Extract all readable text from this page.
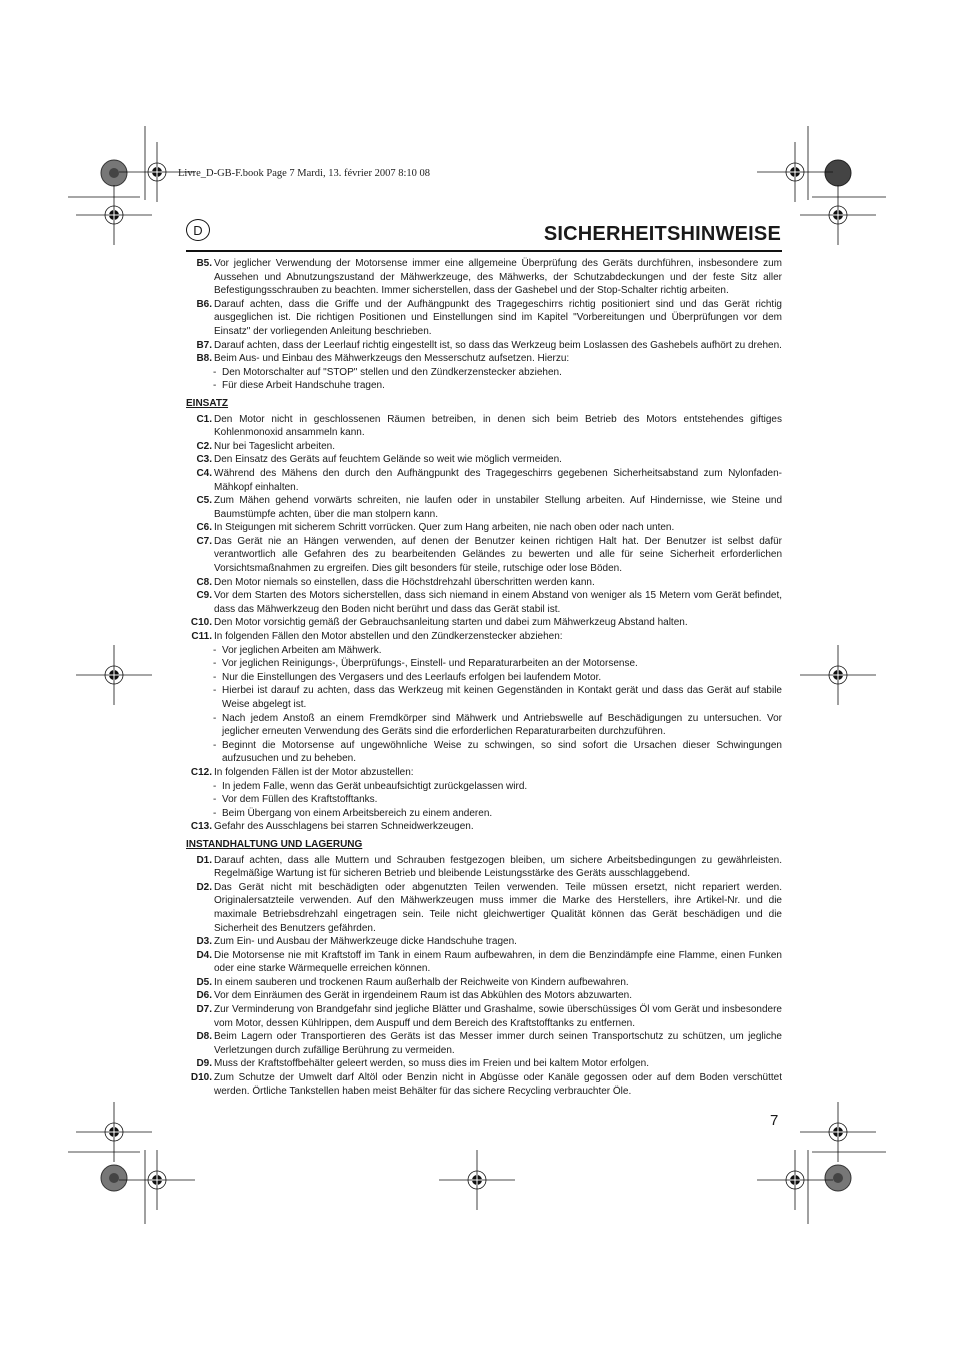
Livre_D-GB-F.book Page 7 Mardi, 13. février 2007 8:10 08
D	SICHERHEITSHINWEISE
B5. Vor jeglicher Verwendung der Motorsense immer eine allgemeine Überprüfung des Geräts durchführen, insbesondere zum Aussehen und Abnutzungszustand der Mähwerkzeuge, des Mähwerks, der Schutzabdeckungen und der feste Sitz aller Befestigungsschrauben zu beachten. Immer sicherstellen, dass der Gashebel und der Stop-Schalter richtig arbeiten.
B6. Darauf achten, dass die Griffe und der Aufhängpunkt des Tragegeschirrs richtig positioniert sind und das Gerät richtig ausgeglichen ist. Die richtigen Positionen und Einstellungen sind im Kapitel "Vorbereitungen und Überprüfungen vor dem Einsatz" der vorliegenden Anleitung beschrieben.
B7. Darauf achten, dass der Leerlauf richtig eingestellt ist, so dass das Werkzeug beim Loslassen des Gashebels aufhört zu drehen.
B8. Beim Aus- und Einbau des Mähwerkzeugs den Messerschutz aufsetzen. Hierzu:
- Den Motorschalter auf "STOP" stellen und den Zündkerzenstecker abziehen.
- Für diese Arbeit Handschuhe tragen.
EINSATZ
C1. Den Motor nicht in geschlossenen Räumen betreiben, in denen sich beim Betrieb des Motors entstehendes giftiges Kohlenmonoxid ansammeln kann.
C2. Nur bei Tageslicht arbeiten.
C3. Den Einsatz des Geräts auf feuchtem Gelände so weit wie möglich vermeiden.
C4. Während des Mähens den durch den Aufhängpunkt des Tragegeschirrs gegebenen Sicherheitsabstand zum Nylonfaden-Mähkopf einhalten.
C5. Zum Mähen gehend vorwärts schreiten, nie laufen oder in unstabiler Stellung arbeiten. Auf Hindernisse, wie Steine und Baumstümpfe achten, über die man stolpern kann.
C6. In Steigungen mit sicherem Schritt vorrücken. Quer zum Hang arbeiten, nie nach oben oder nach unten.
C7. Das Gerät nie an Hängen verwenden, auf denen der Benutzer keinen richtigen Halt hat. Der Benutzer ist selbst dafür verantwortlich alle Gefahren des zu bearbeitenden Geländes zu bewerten und alle für seine Sicherheit erforderlichen Vorsichtsmaßnahmen zu ergreifen. Dies gilt besonders für steile, rutschige oder lose Böden.
C8. Den Motor niemals so einstellen, dass die Höchstdrehzahl überschritten werden kann.
C9. Vor dem Starten des Motors sicherstellen, dass sich niemand in einem Abstand von weniger als 15 Metern vom Gerät befindet, dass das Mähwerkzeug den Boden nicht berührt und dass das Gerät stabil ist.
C10. Den Motor vorsichtig gemäß der Gebrauchsanleitung starten und dabei zum Mähwerkzeug Abstand halten.
C11. In folgenden Fällen den Motor abstellen und den Zündkerzenstecker abziehen:
- Vor jeglichen Arbeiten am Mähwerk.
- Vor jeglichen Reinigungs-, Überprüfungs-, Einstell- und Reparaturarbeiten an der Motorsense.
- Nur die Einstellungen des Vergasers und des Leerlaufs erfolgen bei laufendem Motor.
- Hierbei ist darauf zu achten, dass das Werkzeug mit keinen Gegenständen in Kontakt gerät und dass das Gerät auf stabile Weise abgelegt ist.
- Nach jedem Anstoß an einem Fremdkörper sind Mähwerk und Antriebswelle auf Beschädigungen zu untersuchen. Vor jeglicher erneuten Verwendung des Geräts sind die erforderlichen Reparaturarbeiten durchzuführen.
- Beginnt die Motorsense auf ungewöhnliche Weise zu schwingen, so sind sofort die Ursachen dieser Schwingungen aufzusuchen und zu beheben.
C12. In folgenden Fällen ist der Motor abzustellen:
- In jedem Falle, wenn das Gerät unbeaufsichtigt zurückgelassen wird.
- Vor dem Füllen des Kraftstofftanks.
- Beim Übergang von einem Arbeitsbereich zu einem anderen.
C13. Gefahr des Ausschlagens bei starren Schneidwerkzeugen.
INSTANDHALTUNG UND LAGERUNG
D1. Darauf achten, dass alle Muttern und Schrauben festgezogen bleiben, um sichere Arbeitsbedingungen zu gewährleisten. Regelmäßige Wartung ist für sicheren Betrieb und bleibende Leistungsstärke des Geräts ausschlaggebend.
D2. Das Gerät nicht mit beschädigten oder abgenutzten Teilen verwenden. Teile müssen ersetzt, nicht repariert werden. Originalersatzteile verwenden. Auf den Mähwerkzeugen muss immer die Marke des Herstellers, ihre Artikel-Nr. und die maximale Betriebsdrehzahl eingetragen sein. Teile nicht gleichwertiger Qualität können das Gerät beschädigen und die Sicherheit des Benutzers gefährden.
D3. Zum Ein- und Ausbau der Mähwerkzeuge dicke Handschuhe tragen.
D4. Die Motorsense nie mit Kraftstoff im Tank in einem Raum aufbewahren, in dem die Benzindämpfe eine Flamme, einen Funken oder eine starke Wärmequelle erreichen können.
D5. In einem sauberen und trockenen Raum außerhalb der Reichweite von Kindern aufbewahren.
D6. Vor dem Einräumen des Gerät in irgendeinem Raum ist das Abkühlen des Motors abzuwarten.
D7. Zur Verminderung von Brandgefahr sind jegliche Blätter und Grashalme, sowie überschüssiges Öl vom Gerät und insbesondere vom Motor, dessen Kühlrippen, dem Auspuff und dem Bereich des Kraftstofftanks zu entfernen.
D8. Beim Lagern oder Transportieren des Geräts ist das Messer immer durch seinen Transportschutz zu schützen, um jegliche Verletzungen durch zufällige Berührung zu vermeiden.
D9. Muss der Kraftstoffbehälter geleert werden, so muss dies im Freien und bei kaltem Motor erfolgen.
D10. Zum Schutze der Umwelt darf Altöl oder Benzin nicht in Abgüsse oder Kanäle gegossen oder auf dem Boden verschüttet werden. Örtliche Tankstellen haben meist Behälter für das sichere Recycling verbrauchter Öle.
7
